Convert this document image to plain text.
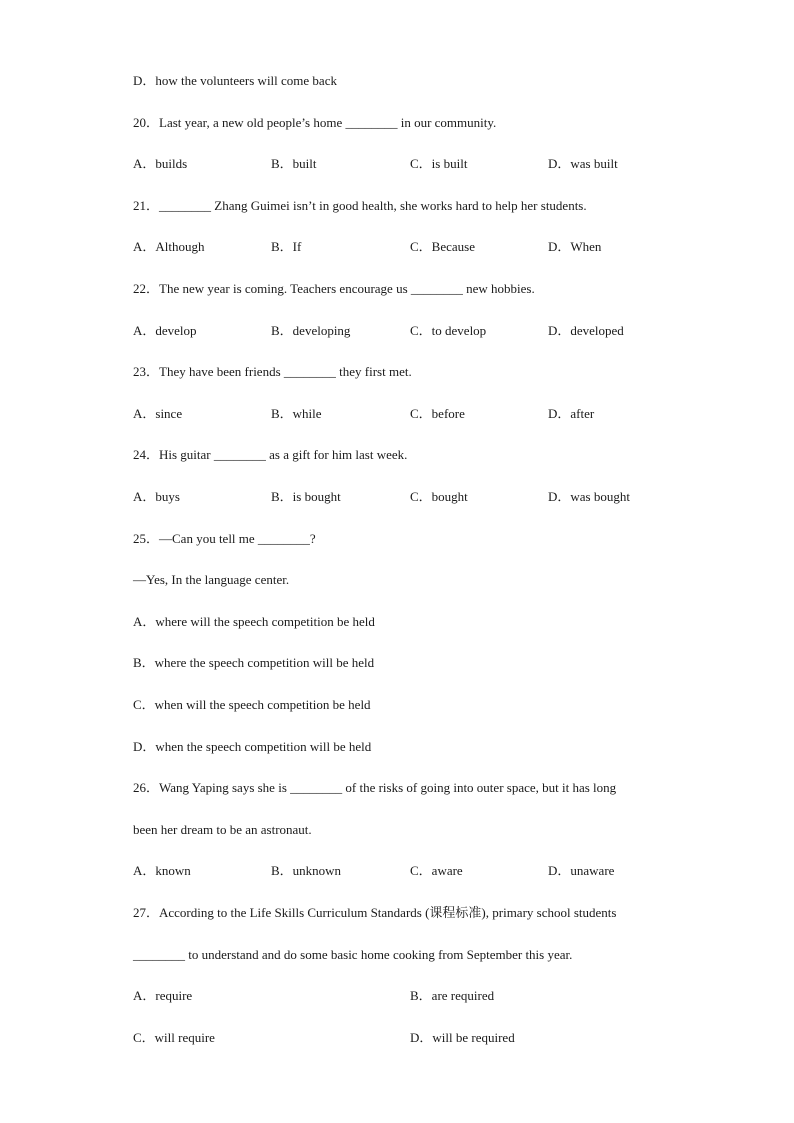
D．how the volunteers will come back
20．Last year, a new old people’s home ________ in our community.
A．builds	B．built	C．is built	D．was built
21．________ Zhang Guimei isn’t in good health, she works hard to help her students.
A．Although	B．If	C．Because	D．When
22．The new year is coming. Teachers encourage us ________ new hobbies.
A．develop	B．developing	C．to develop	D．developed
23．They have been friends ________ they first met.
A．since	B．while	C．before	D．after
24．His guitar ________ as a gift for him last week.
A．buys	B．is bought	C．bought	D．was bought
25．—Can you tell me ________?
—Yes, In the language center.
A．where will the speech competition be held
B．where the speech competition will be held
C．when will the speech competition be held
D．when the speech competition will be held
26．Wang Yaping says she is ________ of the risks of going into outer space, but it has long
been her dream to be an astronaut.
A．known	B．unknown	C．aware	D．unaware
27．According to the Life Skills Curriculum Standards (课程标准), primary school students
________ to understand and do some basic home cooking from September this year.
A．require	B．are required
C．will require	D．will be required
